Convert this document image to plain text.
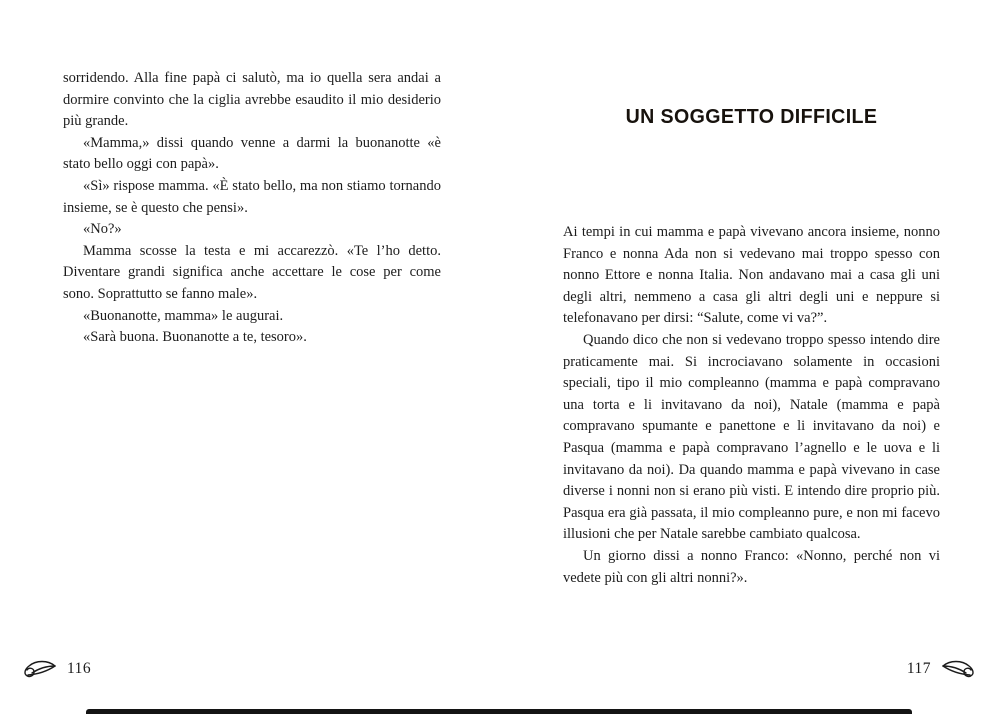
sorridendo. Alla fine papà ci salutò, ma io quella sera andai a dormire convinto che la ciglia avrebbe esaudito il mio desiderio più grande.

«Mamma,» dissi quando venne a darmi la buonanotte «è stato bello oggi con papà».

«Sì» rispose mamma. «È stato bello, ma non stiamo tornando insieme, se è questo che pensi».

«No?»

Mamma scosse la testa e mi accarezzò. «Te l’ho detto. Diventare grandi significa anche accettare le cose per come sono. Soprattutto se fanno male».

«Buonanotte, mamma» le augurai.

«Sarà buona. Buonanotte a te, tesoro».

116
UN SOGGETTO DIFFICILE

Ai tempi in cui mamma e papà vivevano ancora insieme, nonno Franco e nonna Ada non si vedevano mai troppo spesso con nonno Ettore e nonna Italia. Non andavano mai a casa gli uni degli altri, nemmeno a casa gli altri degli uni e neppure si telefonavano per dirsi: “Salute, come vi va?”.

Quando dico che non si vedevano troppo spesso intendo dire praticamente mai. Si incrociavano solamente in occasioni speciali, tipo il mio compleanno (mamma e papà compravano una torta e li invitavano da noi), Natale (mamma e papà compravano spumante e panettone e li invitavano da noi) e Pasqua (mamma e papà compravano l’agnello e le uova e li invitavano da noi). Da quando mamma e papà vivevano in case diverse i nonni non si erano più visti. E intendo dire proprio più. Pasqua era già passata, il mio compleanno pure, e non mi facevo illusioni che per Natale sarebbe cambiato qualcosa.

Un giorno dissi a nonno Franco: «Nonno, perché non vi vedete più con gli altri nonni?».

117
